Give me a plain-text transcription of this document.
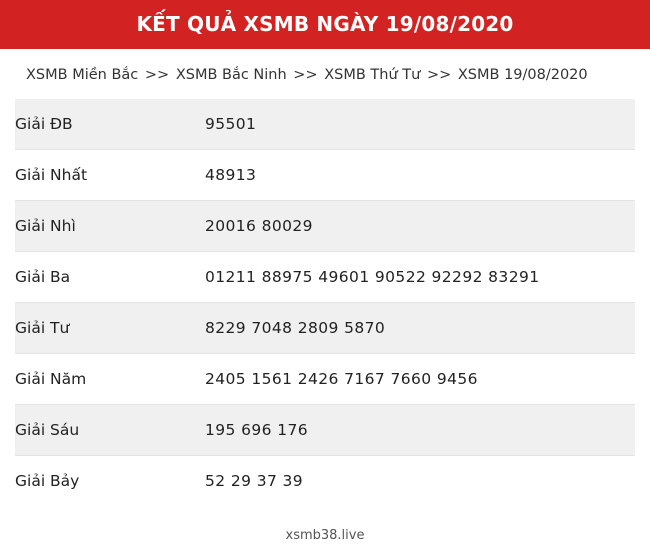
KẾT QUẢ XSMB NGÀY 19/08/2020
XSMB Miền Bắc >> XSMB Bắc Ninh >> XSMB Thứ Tư >> XSMB 19/08/2020
Giải ĐB	95501
Giải Nhất	48913
Giải Nhì	20016 80029
Giải Ba	01211 88975 49601 90522 92292 83291
Giải Tư	8229 7048 2809 5870
Giải Năm	2405 1561 2426 7167 7660 9456
Giải Sáu	195 696 176
Giải Bảy	52 29 37 39
xsmb38.live
